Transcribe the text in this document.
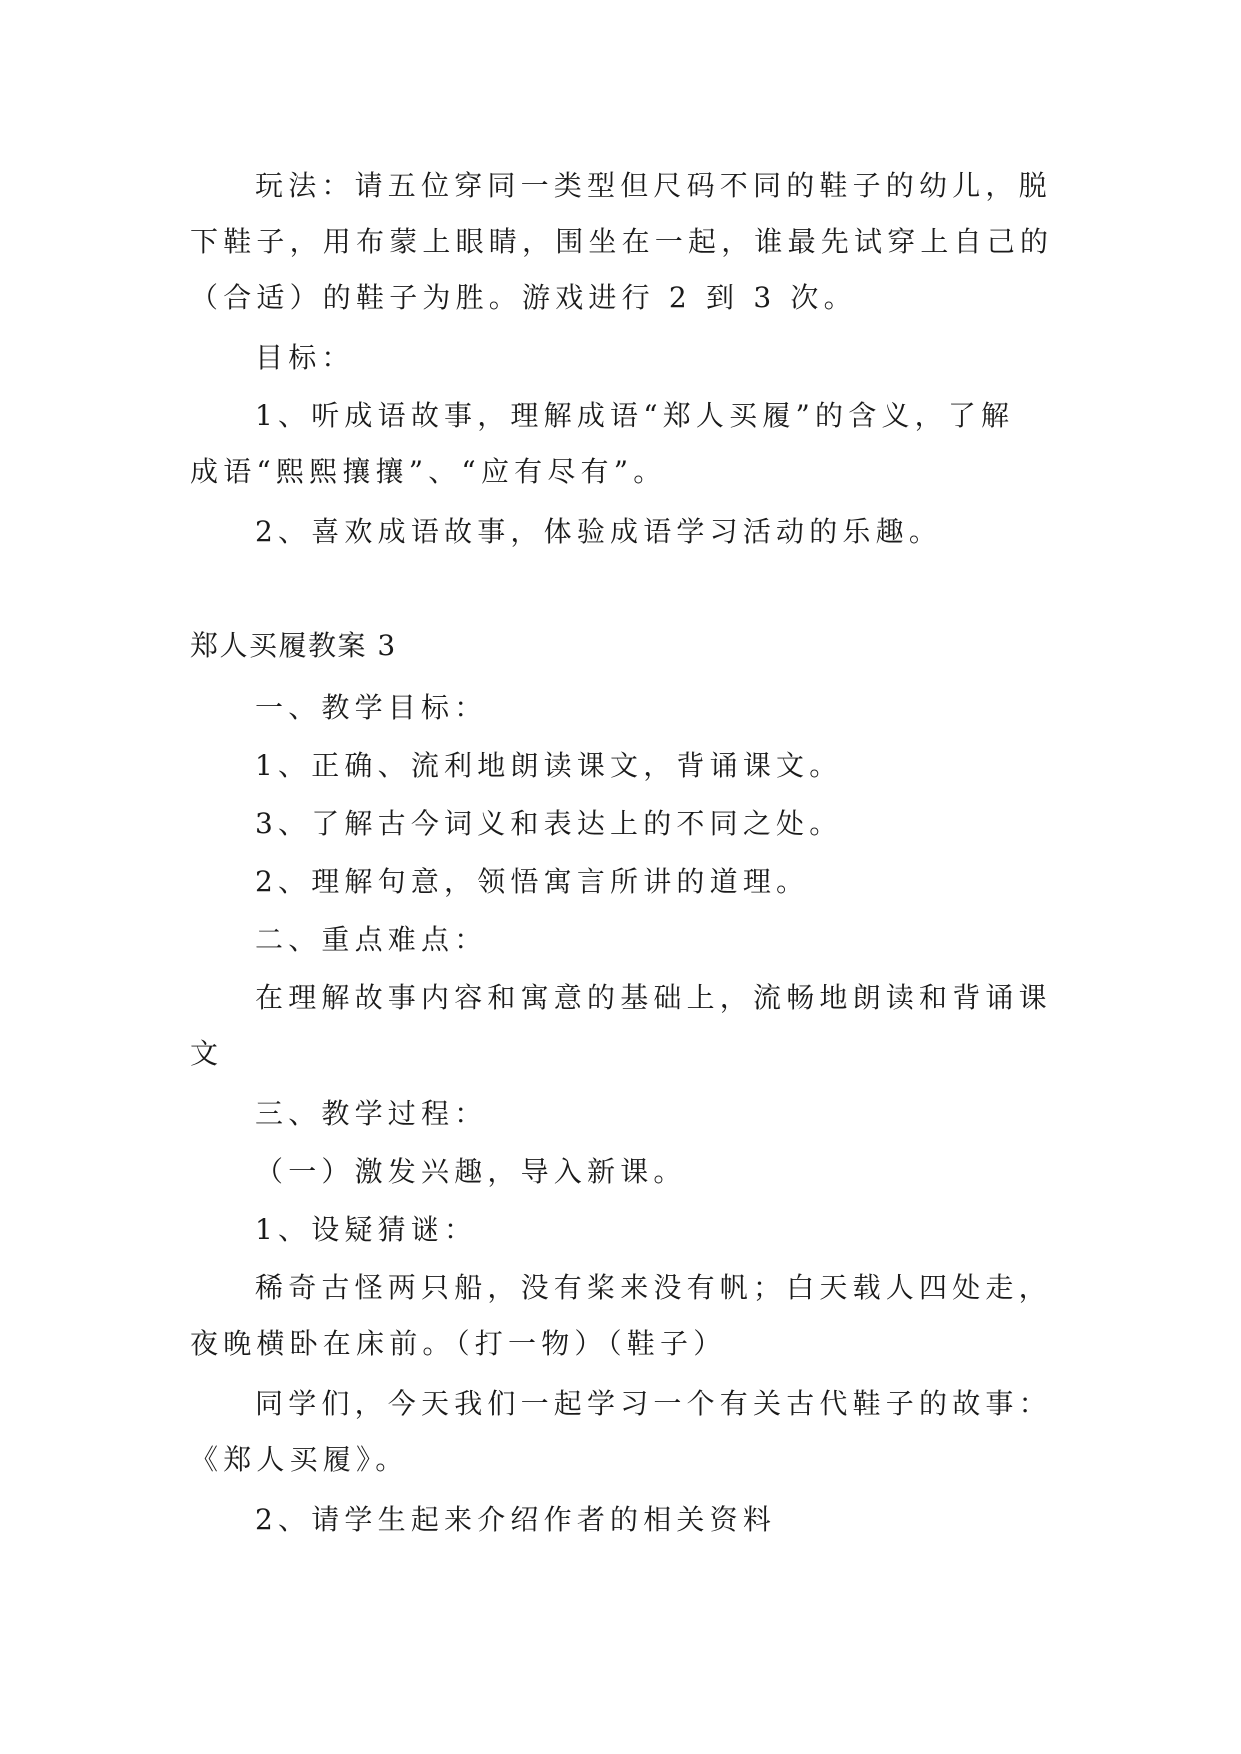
玩法：请五位穿同一类型但尺码不同的鞋子的幼儿，脱
下鞋子，用布蒙上眼睛，围坐在一起，谁最先试穿上自己的
（合适）的鞋子为胜。游戏进行 2 到 3 次。
目标：
1、听成语故事，理解成语“郑人买履”的含义，了解
成语“熙熙攘攘”、“应有尽有”。
2、喜欢成语故事，体验成语学习活动的乐趣。
郑人买履教案 3
一、教学目标：
1、正确、流利地朗读课文，背诵课文。
3、了解古今词义和表达上的不同之处。
2、理解句意，领悟寓言所讲的道理。
二、重点难点：
在理解故事内容和寓意的基础上，流畅地朗读和背诵课
文
三、教学过程：
（一）激发兴趣，导入新课。
1、设疑猜谜：
稀奇古怪两只船，没有桨来没有帆；白天载人四处走，
夜晚横卧在床前。（打一物）（鞋子）
同学们，今天我们一起学习一个有关古代鞋子的故事：
《郑人买履》。
2、请学生起来介绍作者的相关资料
